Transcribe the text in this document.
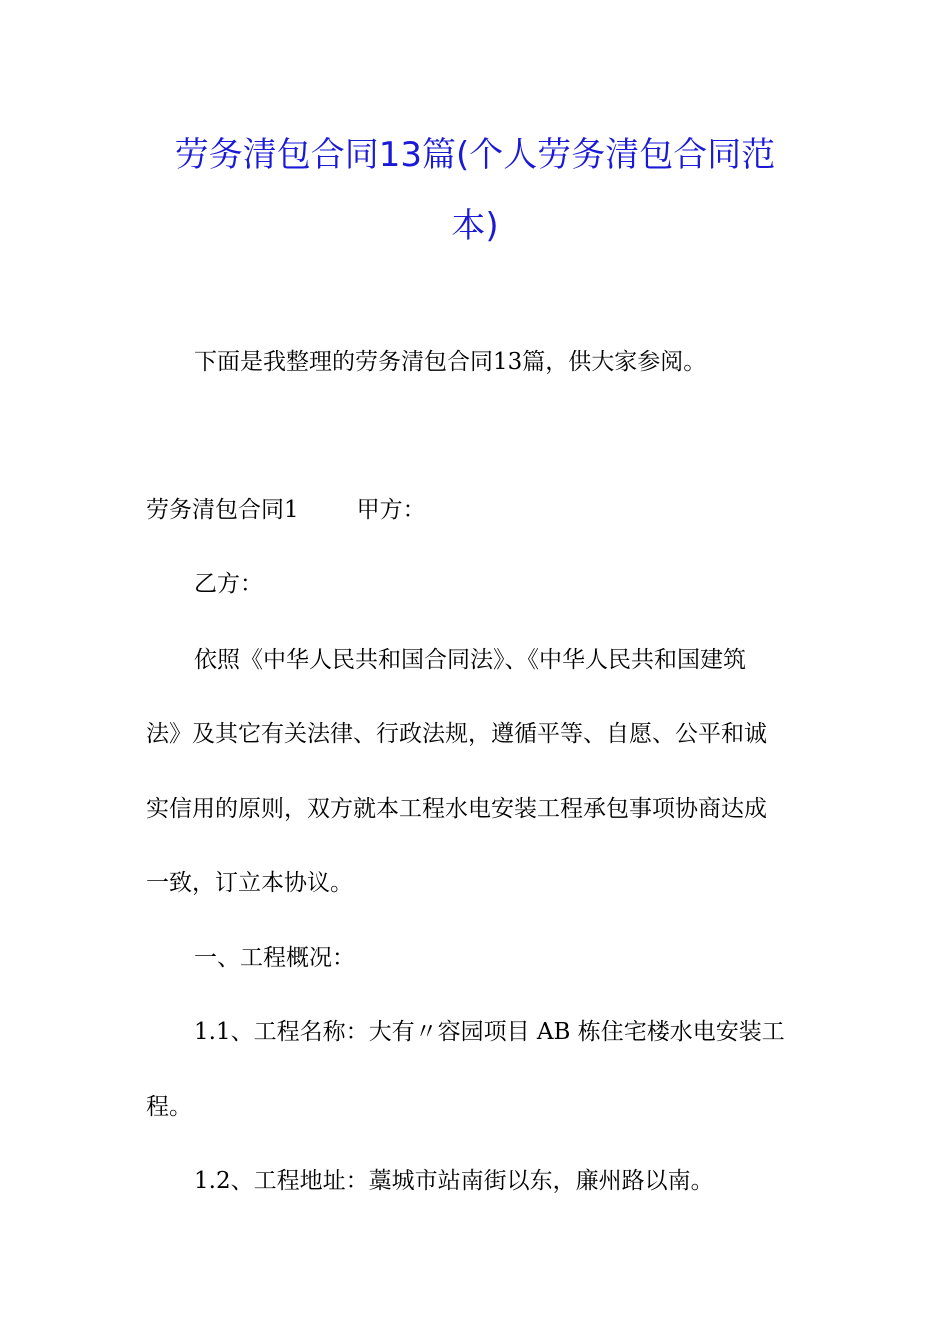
劳务清包合同13篇(个人劳务清包合同范
本)
下面是我整理的劳务清包合同13篇，供大家参阅。
劳务清包合同1	甲方：
乙方：
依照《中华人民共和国合同法》、《中华人民共和国建筑
法》及其它有关法律、行政法规，遵循平等、自愿、公平和诚
实信用的原则，双方就本工程水电安装工程承包事项协商达成
一致，订立本协议。
一、工程概况：
1.1、工程名称：大有〃容园项目 AB 栋住宅楼水电安装工
程。
1.2、工程地址：藁城市站南街以东，廉州路以南。
